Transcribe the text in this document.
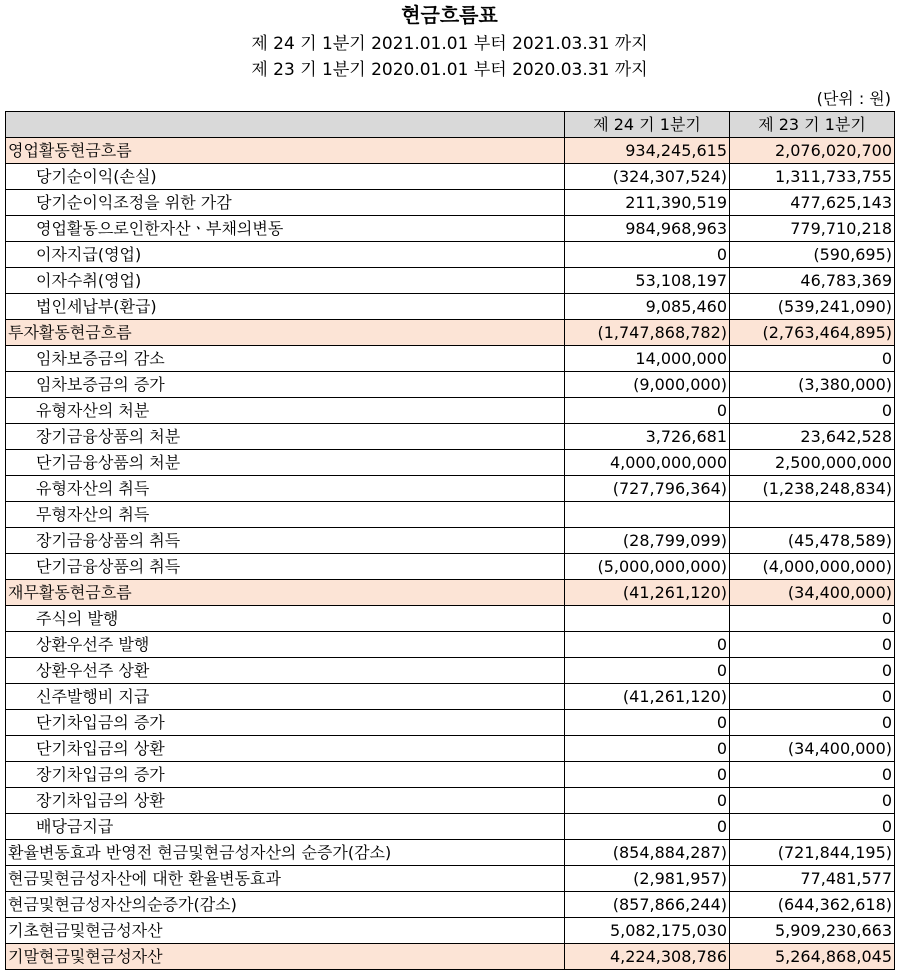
현금흐름표
제 24 기 1분기 2021.01.01 부터 2021.03.31 까지
제 23 기 1분기 2020.01.01 부터 2020.03.31 까지
(단위 : 원)
	제 24 기 1분기	제 23 기 1분기
영업활동현금흐름	934,245,615	2,076,020,700
당기순이익(손실)	(324,307,524)	1,311,733,755
당기순이익조정을 위한 가감	211,390,519	477,625,143
영업활동으로인한자산ㆍ부채의변동	984,968,963	779,710,218
이자지급(영업)	0	(590,695)
이자수취(영업)	53,108,197	46,783,369
법인세납부(환급)	9,085,460	(539,241,090)
투자활동현금흐름	(1,747,868,782)	(2,763,464,895)
임차보증금의 감소	14,000,000	0
임차보증금의 증가	(9,000,000)	(3,380,000)
유형자산의 처분	0	0
장기금융상품의 처분	3,726,681	23,642,528
단기금융상품의 처분	4,000,000,000	2,500,000,000
유형자산의 취득	(727,796,364)	(1,238,248,834)
무형자산의 취득		
장기금융상품의 취득	(28,799,099)	(45,478,589)
단기금융상품의 취득	(5,000,000,000)	(4,000,000,000)
재무활동현금흐름	(41,261,120)	(34,400,000)
주식의 발행		0
상환우선주 발행	0	0
상환우선주 상환	0	0
신주발행비 지급	(41,261,120)	0
단기차입금의 증가	0	0
단기차입금의 상환	0	(34,400,000)
장기차입금의 증가	0	0
장기차입금의 상환	0	0
배당금지급	0	0
환율변동효과 반영전 현금및현금성자산의 순증가(감소)	(854,884,287)	(721,844,195)
현금및현금성자산에 대한 환율변동효과	(2,981,957)	77,481,577
현금및현금성자산의순증가(감소)	(857,866,244)	(644,362,618)
기초현금및현금성자산	5,082,175,030	5,909,230,663
기말현금및현금성자산	4,224,308,786	5,264,868,045
